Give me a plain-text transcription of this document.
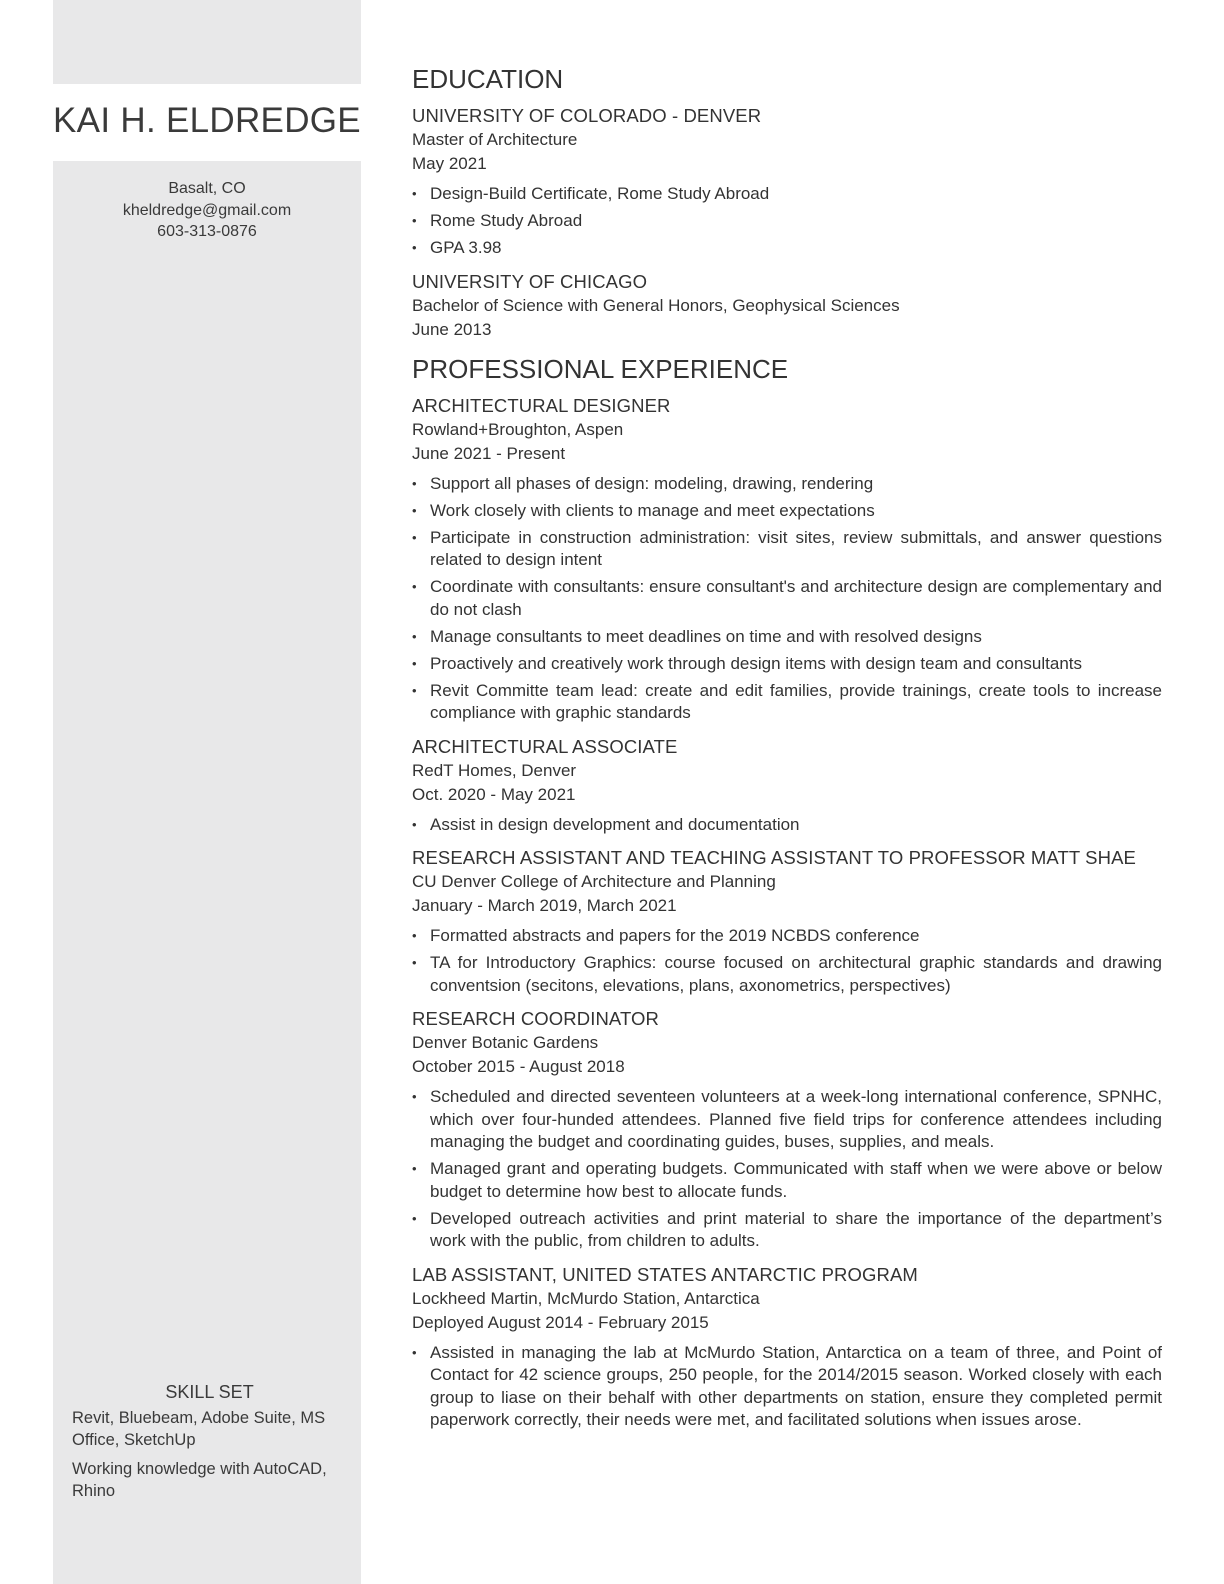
KAI H. ELDREDGE
Basalt, CO
kheldredge@gmail.com
603-313-0876
SKILL SET

Revit, Bluebeam, Adobe Suite, MS Office, SketchUp

Working knowledge with AutoCAD, Rhino

EDUCATION
UNIVERSITY OF COLORADO - DENVER
Master of Architecture
May 2021
• Design-Build Certificate, Rome Study Abroad
• Rome Study Abroad
• GPA 3.98
UNIVERSITY OF CHICAGO
Bachelor of Science with General Honors, Geophysical Sciences
June 2013
PROFESSIONAL EXPERIENCE
ARCHITECTURAL DESIGNER
Rowland+Broughton, Aspen
June 2021 - Present
• Support all phases of design: modeling, drawing, rendering
• Work closely with clients to manage and meet expectations
• Participate in construction administration: visit sites, review submittals, and answer questions related to design intent
• Coordinate with consultants: ensure consultant's and architecture design are complementary and do not clash
• Manage consultants to meet deadlines on time and with resolved designs
• Proactively and creatively work through design items with design team and consultants
• Revit Committe team lead: create and edit families, provide trainings, create tools to increase compliance with graphic standards
ARCHITECTURAL ASSOCIATE
RedT Homes, Denver
Oct. 2020 - May 2021
• Assist in design development and documentation
RESEARCH ASSISTANT AND TEACHING ASSISTANT TO PROFESSOR MATT SHAE
CU Denver College of Architecture and Planning
January - March 2019, March 2021
• Formatted abstracts and papers for the 2019 NCBDS conference
• TA for Introductory Graphics: course focused on architectural graphic standards and drawing conventsion (secitons, elevations, plans, axonometrics, perspectives)
RESEARCH COORDINATOR
Denver Botanic Gardens
October 2015 - August 2018
• Scheduled and directed seventeen volunteers at a week-long international conference, SPNHC, which over four-hunded attendees. Planned five field trips for conference attendees including managing the budget and coordinating guides, buses, supplies, and meals.
• Managed grant and operating budgets. Communicated with staff when we were above or below budget to determine how best to allocate funds.
• Developed outreach activities and print material to share the importance of the department’s work with the public, from children to adults.
LAB ASSISTANT, UNITED STATES ANTARCTIC PROGRAM
Lockheed Martin, McMurdo Station, Antarctica
Deployed August 2014 - February 2015
• Assisted in managing the lab at McMurdo Station, Antarctica on a team of three, and Point of Contact for 42 science groups, 250 people, for the 2014/2015 season. Worked closely with each group to liase on their behalf with other departments on station, ensure they completed permit paperwork correctly, their needs were met, and facilitated solutions when issues arose.
